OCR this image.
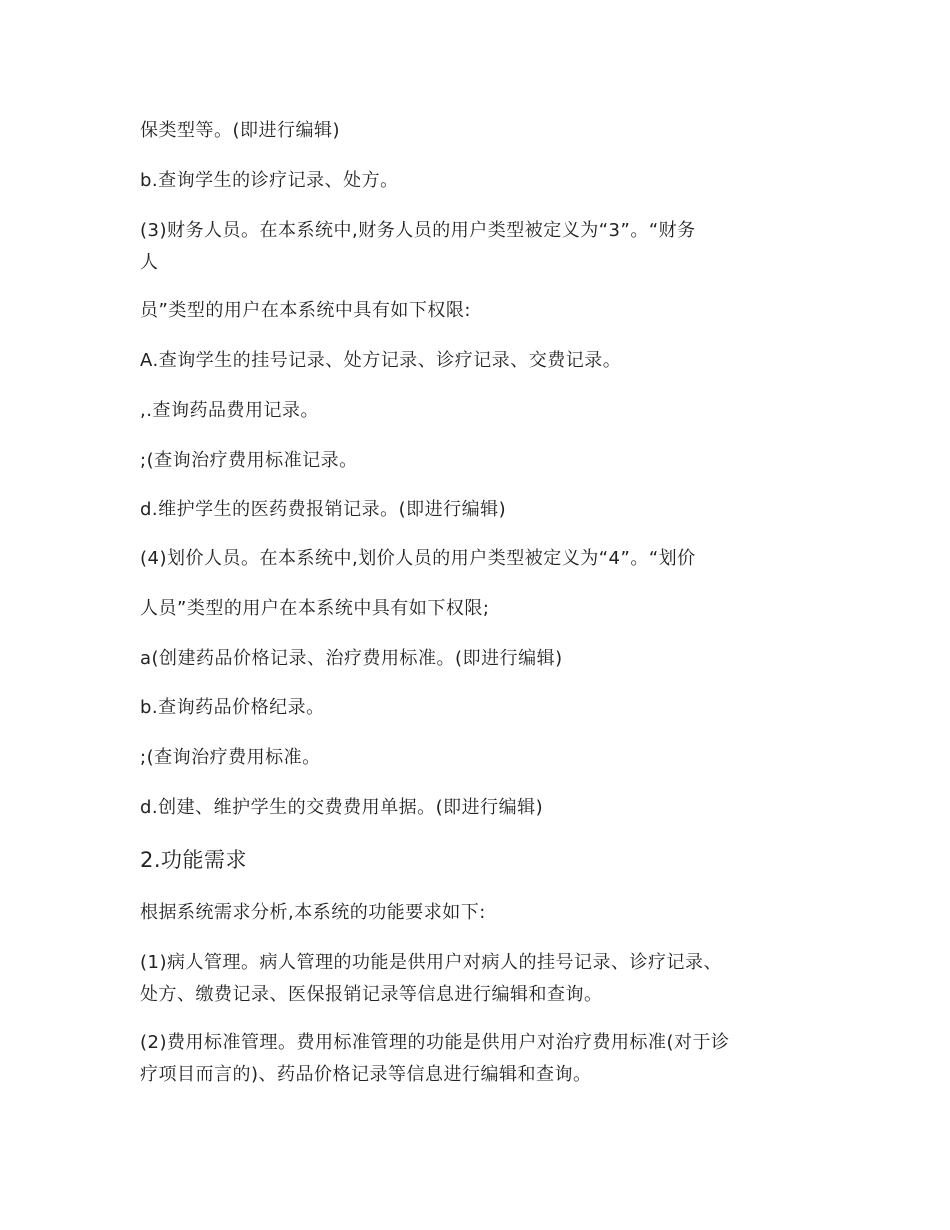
保类型等。(即进行编辑)
b.查询学生的诊疗记录、处方。
(3)财务人员。在本系统中,财务人员的用户类型被定义为“3”。“财务
人
员”类型的用户在本系统中具有如下权限:
A.查询学生的挂号记录、处方记录、诊疗记录、交费记录。
,.查询药品费用记录。
;(查询治疗费用标准记录。
d.维护学生的医药费报销记录。(即进行编辑)
(4)划价人员。在本系统中,划价人员的用户类型被定义为“4”。“划价
人员”类型的用户在本系统中具有如下权限;
a(创建药品价格记录、治疗费用标准。(即进行编辑)
b.查询药品价格纪录。
;(查询治疗费用标准。
d.创建、维护学生的交费费用单据。(即进行编辑)
2.功能需求
根据系统需求分析,本系统的功能要求如下:
(1)病人管理。病人管理的功能是供用户对病人的挂号记录、诊疗记录、
处方、缴费记录、医保报销记录等信息进行编辑和查询。
(2)费用标准管理。费用标准管理的功能是供用户对治疗费用标准(对于诊
疗项目而言的)、药品价格记录等信息进行编辑和查询。
